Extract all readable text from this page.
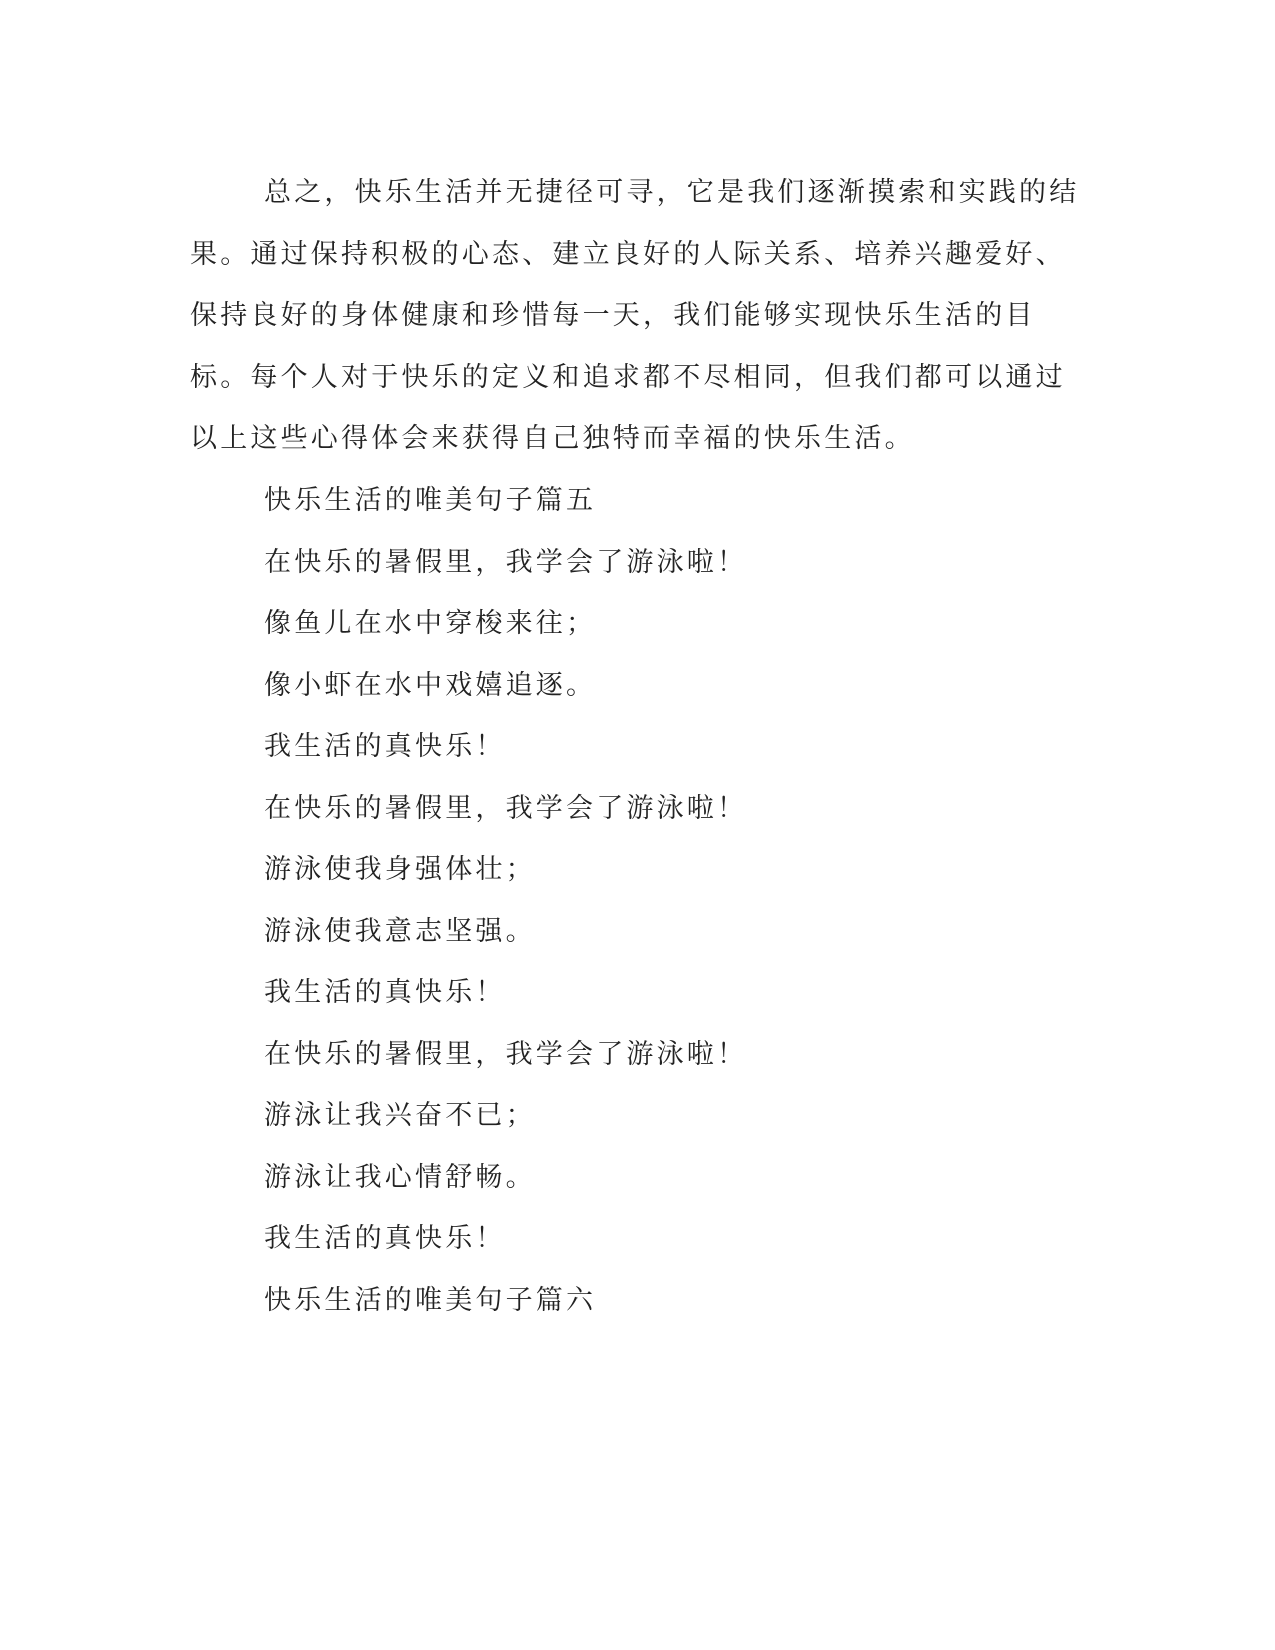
总之，快乐生活并无捷径可寻，它是我们逐渐摸索和实践的结果。通过保持积极的心态、建立良好的人际关系、培养兴趣爱好、保持良好的身体健康和珍惜每一天，我们能够实现快乐生活的目标。每个人对于快乐的定义和追求都不尽相同，但我们都可以通过以上这些心得体会来获得自己独特而幸福的快乐生活。

快乐生活的唯美句子篇五
在快乐的暑假里，我学会了游泳啦！
像鱼儿在水中穿梭来往；
像小虾在水中戏嬉追逐。
我生活的真快乐！
在快乐的暑假里，我学会了游泳啦！
游泳使我身强体壮；
游泳使我意志坚强。
我生活的真快乐！
在快乐的暑假里，我学会了游泳啦！
游泳让我兴奋不已；
游泳让我心情舒畅。
我生活的真快乐！
快乐生活的唯美句子篇六
